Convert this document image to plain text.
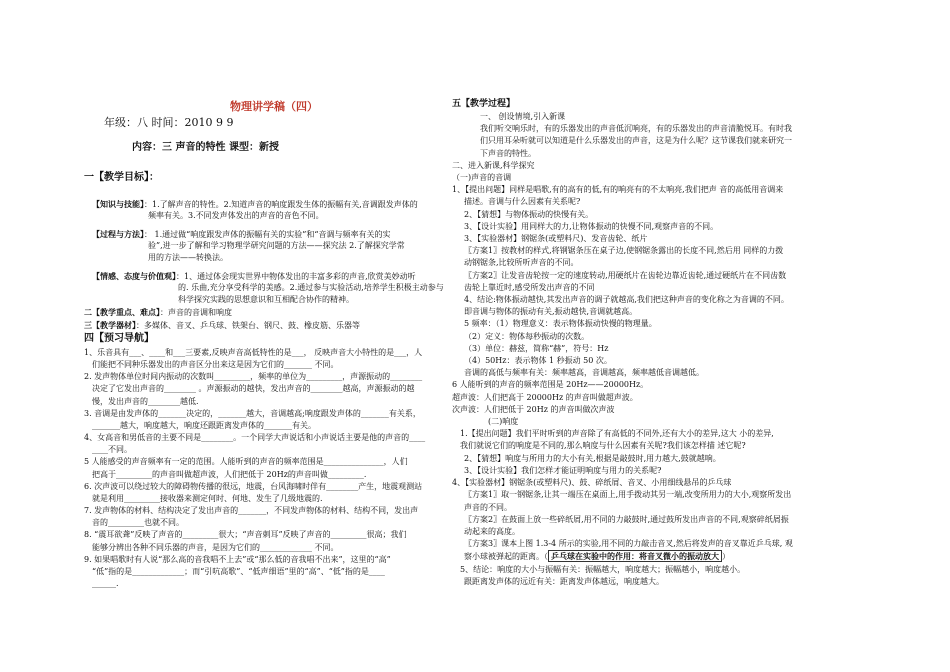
物理讲学稿（四）
年级：八 时间：2010 9 9
内容：三 声音的特性 课型：新授
一【教学目标】：
【知识与技能】：1.了解声音的特性。2.知道声音的响度跟发生体的振幅有关,音调跟发声体的
频率有关。3.不同发声体发出的声音的音色不同。
【过程与方法】： 1.通过做“响度跟发声体的振幅有关的实验”和“音调与频率有关的实
验”,进一步了解和学习物理学研究问题的方法——探究法 2.了解探究学常
用的方法——转换法。
【情感、态度与价值观】：1、通过体会现实世界中物体发出的丰富多彩的声音,欣赏美妙动听
的. 乐曲,充分享受科学的美感。2.通过参与实验活动,培养学生积极主动参与
科学探究实践的思想意识和互相配合协作的精神。
二【教学重点、难点】：声音的音调和响度
三【教学器材】：多媒体、音叉、乒乓球、铁架台、钢尺、鼓、橡皮筋、乐器等
四【预习导航】
1、乐音具有___、____和___三要素,反映声音高低特性的是___， 反映声音大小特性的是___，人
们能把不同种乐器发出的声音区分出来这是因为它们的_______ 不同。
2. 发声物体单位时间内振动的次数叫_________，频率的单位为_________，声源振动的________
决定了它发出声音的________ 。声源振动的越快，发出声音的________越高，声源振动的越
慢，发出声音的________越低.
3. 音调是由发声体的_______决定的，_______越大，音调越高;响度跟发声体的_______有关系，
_______越大，响度越大，响度还跟距离发声体的_______有关。
4、女高音和男低音的主要不同是________。一个同学大声说话和小声说话主要是他的声音的____
____不同。
5 人能感受的声音频率有一定的范围。人能听到的声音的频率范围是_______________，人们
把高于_________的声音叫做超声波，人们把低于 20Hz的声音叫做_________.
6. 次声波可以绕过较大的障碍物传播的很远，地震，台风海啸时伴有________产生，地震观测站
就是利用_________接收器来测定何时、何地、发生了几级地震的.
7. 发声物体的材料、结构决定了发出声音的_______，不同发声物体的材料、结构不同，发出声
音的_________也就不同。
8. “震耳欲聋”反映了声音的_________很大；“声音刺耳”反映了声音的_________很高；我们
能够分辨出各种不同乐器的声音，是因为它们的_____________ 不同。
9. 如果唱歌时有人说“那么高的音我唱不上去”或“那么低的音我唱不出来”，这里的“高”
“低”指的是_____________；而“引吭高歌”、“低声细语”里的“高”、“低”指的是____
______.
五【教学过程】
一、 创设情境,引入新课
我们听交响乐时，有的乐器发出的声音低沉响亮，有的乐器发出的声音清脆悦耳。有时我
们只用耳朵听就可以知道是什么乐器发出的声音，这是为什么呢？这节课我们就来研究一
下声音的特性。
二、进入新课,科学探究
（一)声音的音调
1、【提出问题】同样是唱歌,有的高有的低,有的响亮有的不太响亮,我们把声 音的高低用音调来
描述。音调与什么因素有关系呢?
2、【猜想】与物体振动的快慢有关。
3、【设计实验】用同样大的力,让物体振动的快慢不同,观察声音的不同。
3、【实验器材】钢锯条(或塑料尺)、发音齿轮、纸片
〖方案1〗按教材的样式,将钢锯条压在桌子边,使钢锯条露出的长度不同,然后用 同样的力拨
动钢锯条,比较所听声音的不同。
〖方案2〗让发音齿轮按一定的速度转动,用硬纸片在齿轮边靠近齿轮,通过硬纸片在不同齿数
齿轮上靠近时,感受所发出声音的不同
4、结论:物体振动越快,其发出声音的调子就越高,我们把这种声音的变化称之为音调的不同。
即音调与物体的振动有关,振动越快,音调就越高。
5 频率：（1）物理意义：表示物体振动快慢的物理量。
（2）定义：物体每秒振动的次数。
（3）单位：赫兹，简称“赫”，符号：Hz
（4）50Hz：表示物体 1 秒振动 50 次。
音调的高低与频率有关：频率越高，音调越高，频率越低音调越低。
6 人能听到的声音的频率范围是 20Hz——20000Hz。
超声波：人们把高于 20000Hz 的声音叫做超声波。
次声波：人们把低于 20Hz 的声音叫做次声波
(二)响度
1.【提出问题】我们平时听到的声音除了有高低的不同外,还有大小的差异,这大 小的差异,
我们就说它们的响度是不同的,那么响度与什么因素有关呢?我们该怎样描 述它呢?
2、【猜想】响度与所用力的大小有关,根据是敲鼓时,用力越大,鼓就越响。
3、【设计实验】我们怎样才能证明响度与用力的关系呢?
4、【实验器材】钢锯条(或塑料尺)、鼓、碎纸屑、音叉、小用细线悬吊的乒乓球
〖方案1〗取一钢锯条,让其一端压在桌面上,用手拨动其另一端,改变所用力的大小,观察所发出
声音的不同。
〖方案2〗在鼓面上放一些碎纸屑,用不同的力敲鼓时,通过鼓所发出声音的不同,观察碎纸屑振
动起来的高度。
〖方案3〗课本上图 1.3-4 所示的实验,用不同的力敲击音叉,然后将发声的音叉靠近乒乓球, 观
察小球被弹起的距离。（ 乒乓球在实验中的作用：将音叉微小的振动放大 ）
5、结论：响度的大小与振幅有关：振幅越大，响度越大；振幅越小，响度越小。
跟距离发声体的远近有关：距离发声体越远，响度越大。
